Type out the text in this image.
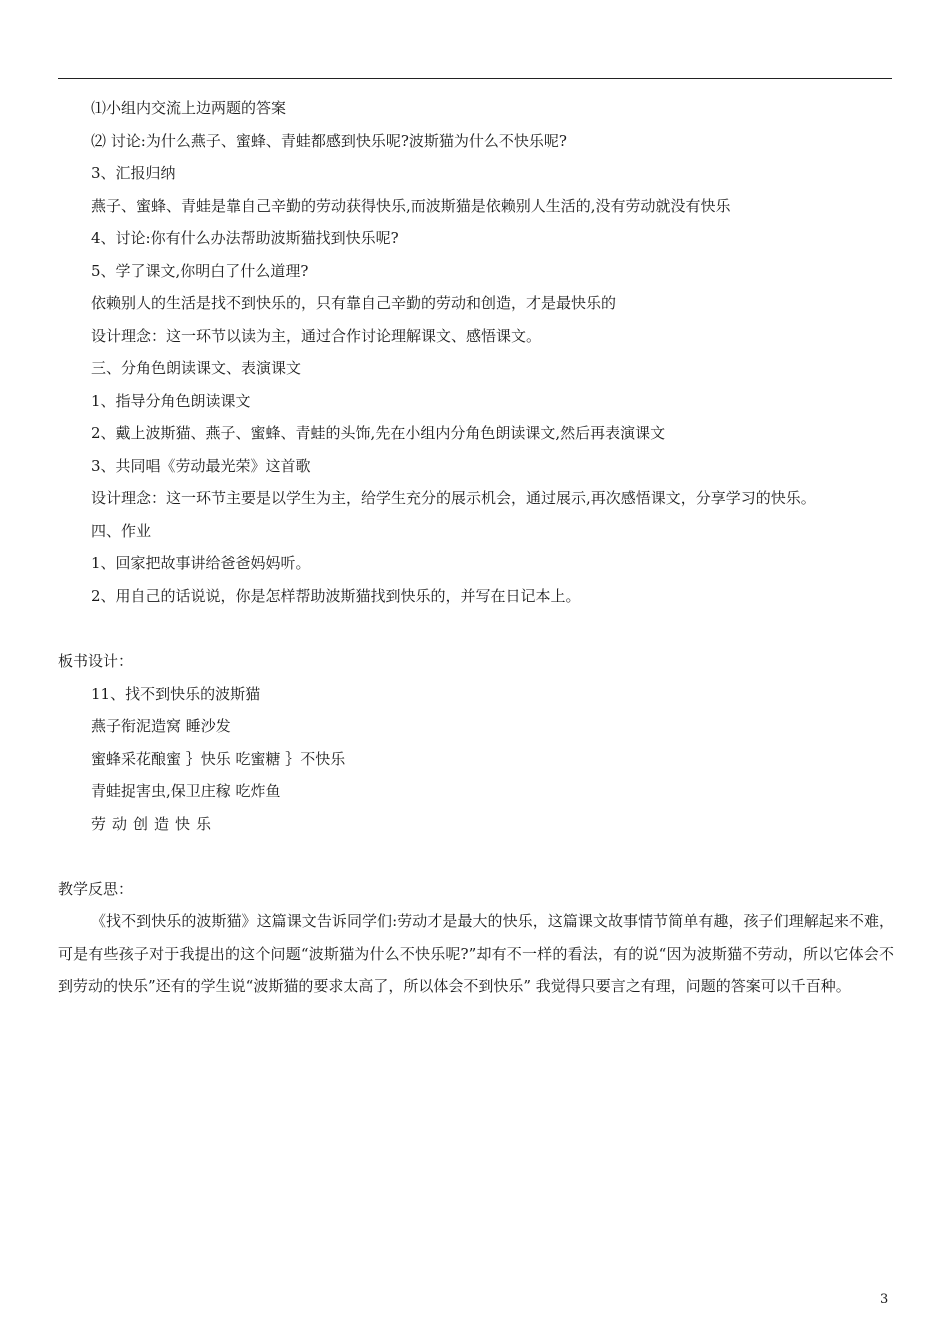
⑴小组内交流上边两题的答案
⑵ 讨论:为什么燕子、蜜蜂、青蛙都感到快乐呢?波斯猫为什么不快乐呢?
3、汇报归纳
燕子、蜜蜂、青蛙是靠自己辛勤的劳动获得快乐,而波斯猫是依赖别人生活的,没有劳动就没有快乐
4、讨论:你有什么办法帮助波斯猫找到快乐呢?
5、学了课文,你明白了什么道理?
依赖别人的生活是找不到快乐的，只有靠自己辛勤的劳动和创造，才是最快乐的
设计理念：这一环节以读为主，通过合作讨论理解课文、感悟课文。
三、分角色朗读课文、表演课文
1、指导分角色朗读课文
2、戴上波斯猫、燕子、蜜蜂、青蛙的头饰,先在小组内分角色朗读课文,然后再表演课文
3、共同唱《劳动最光荣》这首歌
设计理念：这一环节主要是以学生为主，给学生充分的展示机会，通过展示,再次感悟课文，分享学习的快乐。
四、作业
1、回家把故事讲给爸爸妈妈听。
2、用自己的话说说，你是怎样帮助波斯猫找到快乐的，并写在日记本上。
板书设计：
11、找不到快乐的波斯猫
燕子衔泥造窝 睡沙发
蜜蜂采花酿蜜 ｝快乐 吃蜜糖 ｝不快乐
青蛙捉害虫,保卫庄稼 吃炸鱼
劳动创造快乐
教学反思：
《找不到快乐的波斯猫》这篇课文告诉同学们:劳动才是最大的快乐，这篇课文故事情节简单有趣，孩子们理解起来不难，可是有些孩子对于我提出的这个问题“波斯猫为什么不快乐呢?”却有不一样的看法，有的说“因为波斯猫不劳动，所以它体会不到劳动的快乐”还有的学生说“波斯猫的要求太高了，所以体会不到快乐” 我觉得只要言之有理，问题的答案可以千百种。
3
